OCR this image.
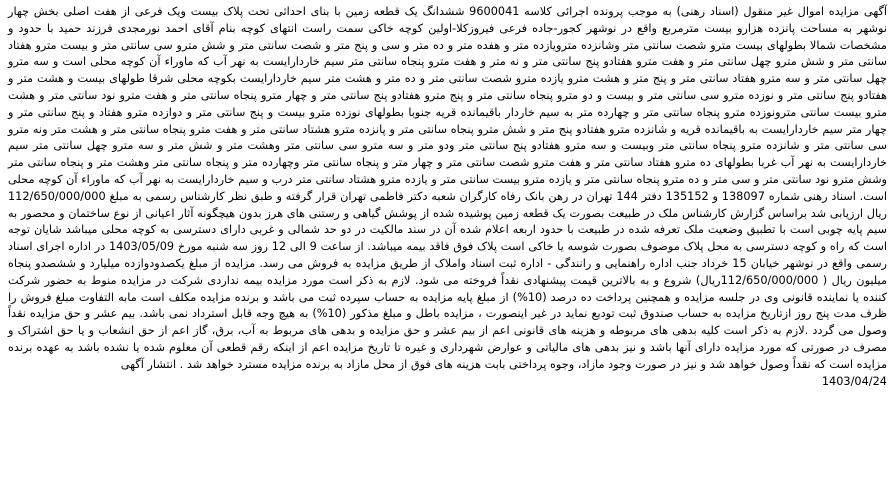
آگهی مزایده اموال غیر منقول (اسناد رهنی) به موجب پرونده اجرائی کلاسه 9600041 ششدانگ یک قطعه زمین با بنای احداثی تحت پلاک بیست ویک فرعی از هفت اصلی بخش چهار نوشهر به مساحت پانزده هزارو بیست مترمربع واقع در نوشهر کجور-جاده فرعی فیروزکلا-اولین کوچه خاکی سمت راست انتهای کوچه بنام آقای احمد نورمجدی فرزند حمید با حدود و مشخصات شمالا بطولهای بیست مترو شصت سانتی متر وشانزده مترویازده متر و هفده متر و ده متر و سی و پنج متر و شصت سانتی متر و شش مترو سی سانتی متر و بیست مترو هفتاد سانتی متر و شش مترو چهل سانتی متر و هفت مترو هفتادو پنج سانتی متر و نه متر و هفت مترو پنجاه سانتی متر سیم خاردارایست به نهر آب که ماوراء آن کوچه محلی است و سه مترو چهل سانتی متر و سه مترو هفتاد سانتی متر و پنج متر و هشت مترو یازده مترو شصت سانتی متر و ده متر و هشت متر سیم خاردارایست بکوچه محلی شرقا طولهای بیست و هشت متر و هفتادو پنج سانتی متر و نوزده مترو سی سانتی متر و بیست و دو مترو پنجاه سانتی متر و پنج مترو هفتادو پنج سانتی متر و چهار مترو پنجاه سانتی متر و هفت مترو نود سانتی متر و هشت مترو بیست سانتی مترونوزده مترو پنجاه سانتی متر و چهارده متر به سیم خاردار باقیمانده قریه جنوبا بطولهای نوزده مترو بیست و پنج سانتی متر و دوازده مترو هفتاد و پنج سانتی متر و چهار متر سیم خاردارایست به باقیمانده قریه و شانزده مترو هفتادو پنج متر و شش مترو پنجاه سانتی متر و پانزده مترو هشتاد سانتی متر و هفت مترو پنجاه سانتی متر و هشت متر ونه مترو سی سانتی متر و شانزده مترو پنجاه سانتی متر وبیست و سه مترو هفتادو پنج سانتی متر ودو متر و سه مترو سی سانتی متر وهشت متر و شش متر و سه مترو چهل سانتی متر سیم خاردارایست به نهر آب غربا بطولهای ده مترو هفتاد سانتی متر و هفت مترو شصت سانتی متر و چهار متر و پنجاه سانتی متر وچهارده متر و پنجاه سانتی متر وهشت متر و پنجاه سانتی متر وشش مترو نود سانتی متر و سی متر و ده مترو پنجاه سانتی متر و یازده مترو بیست سانتی متر و یازده مترو هشتاد سانتی متر درب و سیم خاردارایست به نهر آب که ماوراء آن کوچه محلی است. اسناد رهنی شماره 138097 و 135152 دفتر 144 تهران در رهن بانک رفاه کارگران شعبه دکتر فاطمی تهران قرار گرفته و طبق نظر کارشناس رسمی به مبلغ 112/650/000/000 ریال ارزیابی شد براساس گزارش کارشناس ملک در طبیعت بصورت یک قطعه زمین پوشیده شده از پوشش گیاهی و رستنی های هرز بدون هیچگونه آثار اعیانی از نوع ساختمان و محصور به سیم پایه چوبی است با تطبیق وضعیت ملک تعرفه شده در طبیعت با حدود اربعه اعلام شده آن در سند مالکیت در دو حد شمالی و غربی دارای دسترسی به کوچه محلی میباشد شایان توجه است که راه و کوچه دسترسی به محل پلاک موصوف بصورت شوسه یا خاکی است پلاک فوق فاقد بیمه میباشد. از ساعت 9 الی 12 روز سه شنبه مورخ 1403/05/09 در اداره اجرای اسناد رسمی واقع در نوشهر خیابان 15 خرداد جنب اداره راهنمایی و رانندگی - اداره ثبت اسناد واملاک از طریق مزایده به فروش می رسد. مزایده از مبلغ یکصدودوازده میلیارد و ششصدو پنجاه میلیون ریال ( 112/650/000/000ریال) شروع و به بالاترین قیمت پیشنهادی نقداً فروخته می شود. لازم به ذکر است مورد مزایده بیمه نداردی شرکت در مزایده منوط به حضور شرکت کننده یا نماینده قانونی وی در جلسه مزایده و همچنین پرداخت ده درصد (10%) از مبلغ پایه مزایده به حساب سپرده ثبت می باشد و برنده مزایده مکلف است مابه التفاوت مبلغ فروش را ظرف مدت پنج روز ازتاریخ مزایده به حساب صندوق ثبت تودیع نماید در غیر اینصورت ، مزایده باطل و مبلغ مذکور (10%) به هیچ وجه قابل استرداد نمی باشد. بیم عشر و حق مزایده نقداً وصول می گردد .لازم به ذکر است کلیه بدهی های مربوطه و هزینه های قانونی اعم از بیم عشر و حق مزایده و بدهی های مربوط به آب، برق، گاز اعم از حق انشعاب و یا حق اشتراک و مصرف در صورتی که مورد مزایده دارای آنها باشد و نیز بدهی های مالیاتی و عوارض شهرداری و غیره تا تاریخ مزایده اعم از اینکه رقم قطعی آن معلوم شده یا نشده باشد به عهده برنده مزایده است که نقداً وصول خواهد شد و نیز در صورت وجود مازاد، وجوه پرداختی بابت هزینه های فوق از محل مازاد به برنده مزایده مسترد خواهد شد . انتشار آگهی

1403/04/24
